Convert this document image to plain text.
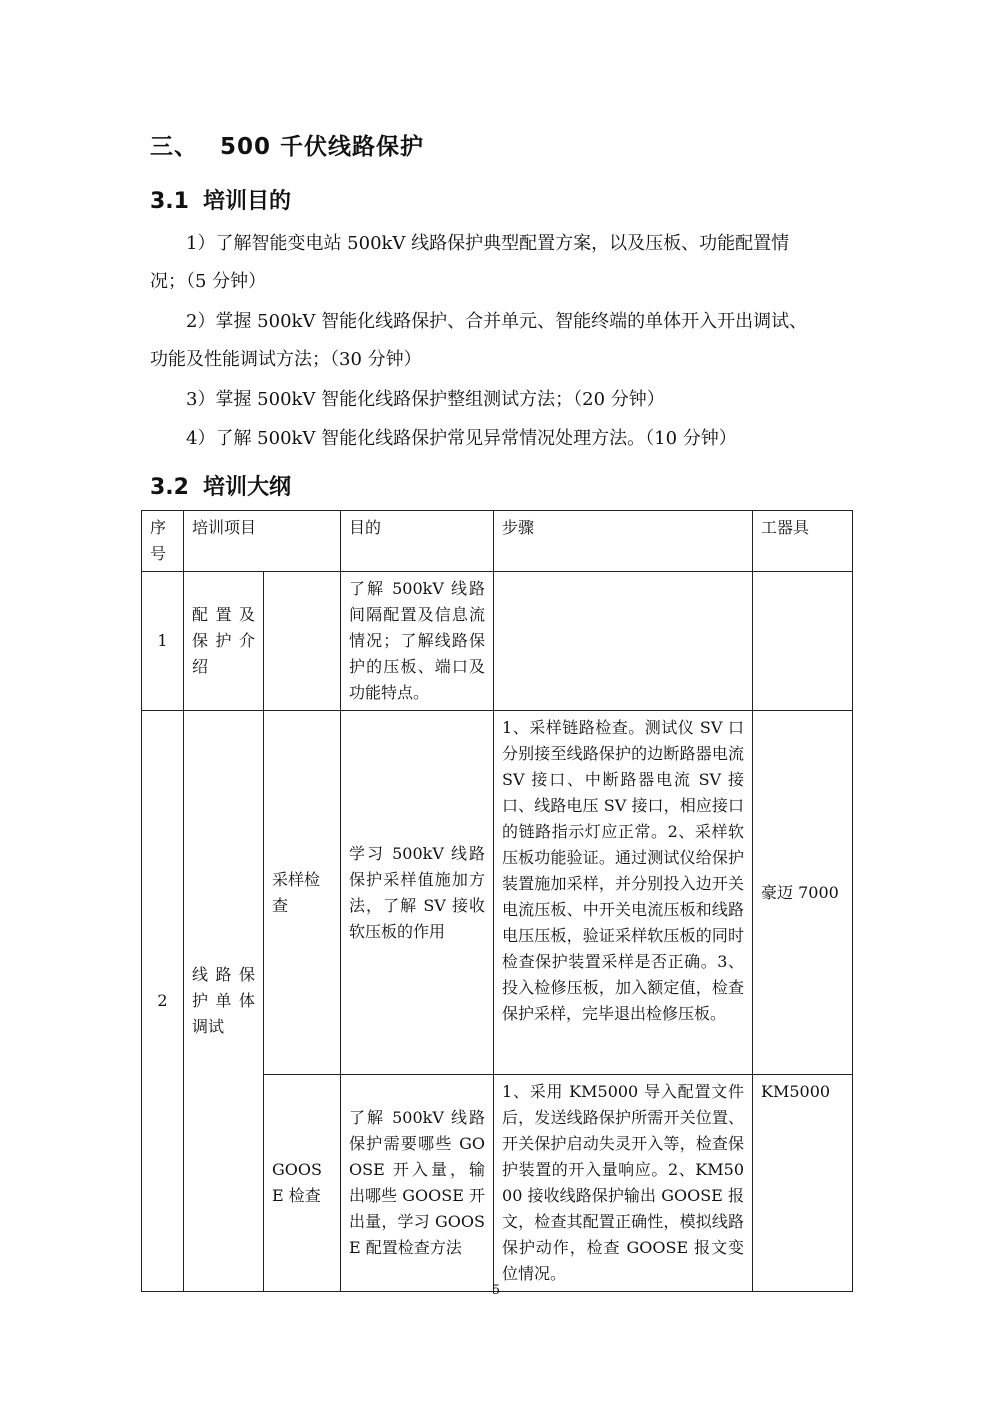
三、 500 千伏线路保护
3.1 培训目的
1）了解智能变电站 500kV 线路保护典型配置方案，以及压板、功能配置情
况；（5 分钟）
2）掌握 500kV 智能化线路保护、合并单元、智能终端的单体开入开出调试、
功能及性能调试方法；（30 分钟）
3）掌握 500kV 智能化线路保护整组测试方法；（20 分钟）
4）了解 500kV 智能化线路保护常见异常情况处理方法。（10 分钟）
3.2 培训大纲
序号	培训项目		目的	步骤	工器具
1	配置及保护介绍		了解 500kV 线路间隔配置及信息流情况；了解线路保护的压板、端口及功能特点。		
2	线路保护单体调试	采样检查	学习 500kV 线路保护采样值施加方法，了解 SV 接收软压板的作用	1、采样链路检查。测试仪 SV 口分别接至线路保护的边断路器电流 SV 接口、中断路器电流 SV 接口、线路电压 SV 接口，相应接口的链路指示灯应正常。2、采样软压板功能验证。通过测试仪给保护装置施加采样，并分别投入边开关电流压板、中开关电流压板和线路电压压板，验证采样软压板的同时检查保护装置采样是否正确。3、投入检修压板，加入额定值，检查保护采样，完毕退出检修压板。	豪迈 7000
		GOOSE 检查	了解 500kV 线路保护需要哪些 GOOSE 开入量，输出哪些 GOOSE 开出量，学习 GOOSE 配置检查方法	1、采用 KM5000 导入配置文件后，发送线路保护所需开关位置、开关保护启动失灵开入等，检查保护装置的开入量响应。2、KM5000 接收线路保护输出 GOOSE 报文，检查其配置正确性，模拟线路保护动作，检查 GOOSE 报文变位情况。	KM5000
5
